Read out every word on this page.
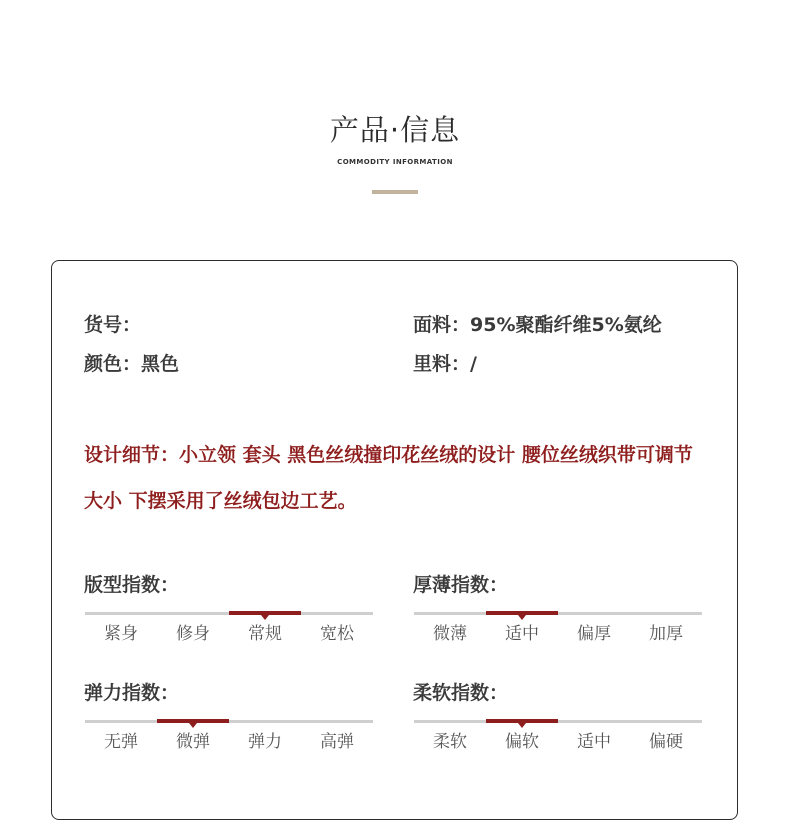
产品·信息
COMMODITY INFORMATION
货号：	面料：95%聚酯纤维5%氨纶
颜色：黑色	里料：/
设计细节：小立领 套头 黑色丝绒撞印花丝绒的设计 腰位丝绒织带可调节大小 下摆采用了丝绒包边工艺。
版型指数：
紧身	修身	常规	宽松
厚薄指数：
微薄	适中	偏厚	加厚
弹力指数：
无弹	微弹	弹力	高弹
柔软指数：
柔软	偏软	适中	偏硬
